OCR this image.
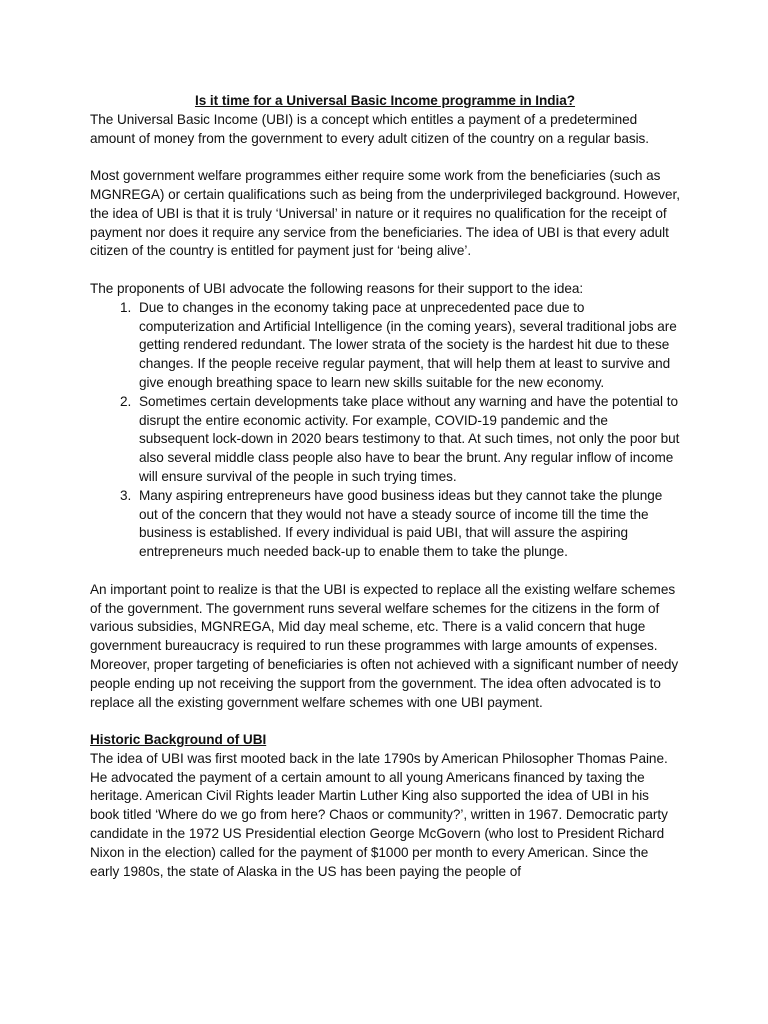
Is it time for a Universal Basic Income programme in India?

The Universal Basic Income (UBI) is a concept which entitles a payment of a predetermined amount of money from the government to every adult citizen of the country on a regular basis.

Most government welfare programmes either require some work from the beneficiaries (such as MGNREGA) or certain qualifications such as being from the underprivileged background. However, the idea of UBI is that it is truly ‘Universal’ in nature or it requires no qualification for the receipt of payment nor does it require any service from the beneficiaries. The idea of UBI is that every adult citizen of the country is entitled for payment just for ‘being alive’.

The proponents of UBI advocate the following reasons for their support to the idea:

1. Due to changes in the economy taking pace at unprecedented pace due to computerization and Artificial Intelligence (in the coming years), several traditional jobs are getting rendered redundant. The lower strata of the society is the hardest hit due to these changes. If the people receive regular payment, that will help them at least to survive and give enough breathing space to learn new skills suitable for the new economy.
2. Sometimes certain developments take place without any warning and have the potential to disrupt the entire economic activity. For example, COVID-19 pandemic and the subsequent lock-down in 2020 bears testimony to that. At such times, not only the poor but also several middle class people also have to bear the brunt. Any regular inflow of income will ensure survival of the people in such trying times.
3. Many aspiring entrepreneurs have good business ideas but they cannot take the plunge out of the concern that they would not have a steady source of income till the time the business is established. If every individual is paid UBI, that will assure the aspiring entrepreneurs much needed back-up to enable them to take the plunge.

An important point to realize is that the UBI is expected to replace all the existing welfare schemes of the government. The government runs several welfare schemes for the citizens in the form of various subsidies, MGNREGA, Mid day meal scheme, etc. There is a valid concern that huge government bureaucracy is required to run these programmes with large amounts of expenses. Moreover, proper targeting of beneficiaries is often not achieved with a significant number of needy people ending up not receiving the support from the government. The idea often advocated is to replace all the existing government welfare schemes with one UBI payment.

Historic Background of UBI

The idea of UBI was first mooted back in the late 1790s by American Philosopher Thomas Paine. He advocated the payment of a certain amount to all young Americans financed by taxing the heritage. American Civil Rights leader Martin Luther King also supported the idea of UBI in his book titled ‘Where do we go from here? Chaos or community?’, written in 1967. Democratic party candidate in the 1972 US Presidential election George McGovern (who lost to President Richard Nixon in the election) called for the payment of $1000 per month to every American. Since the early 1980s, the state of Alaska in the US has been paying the people of
